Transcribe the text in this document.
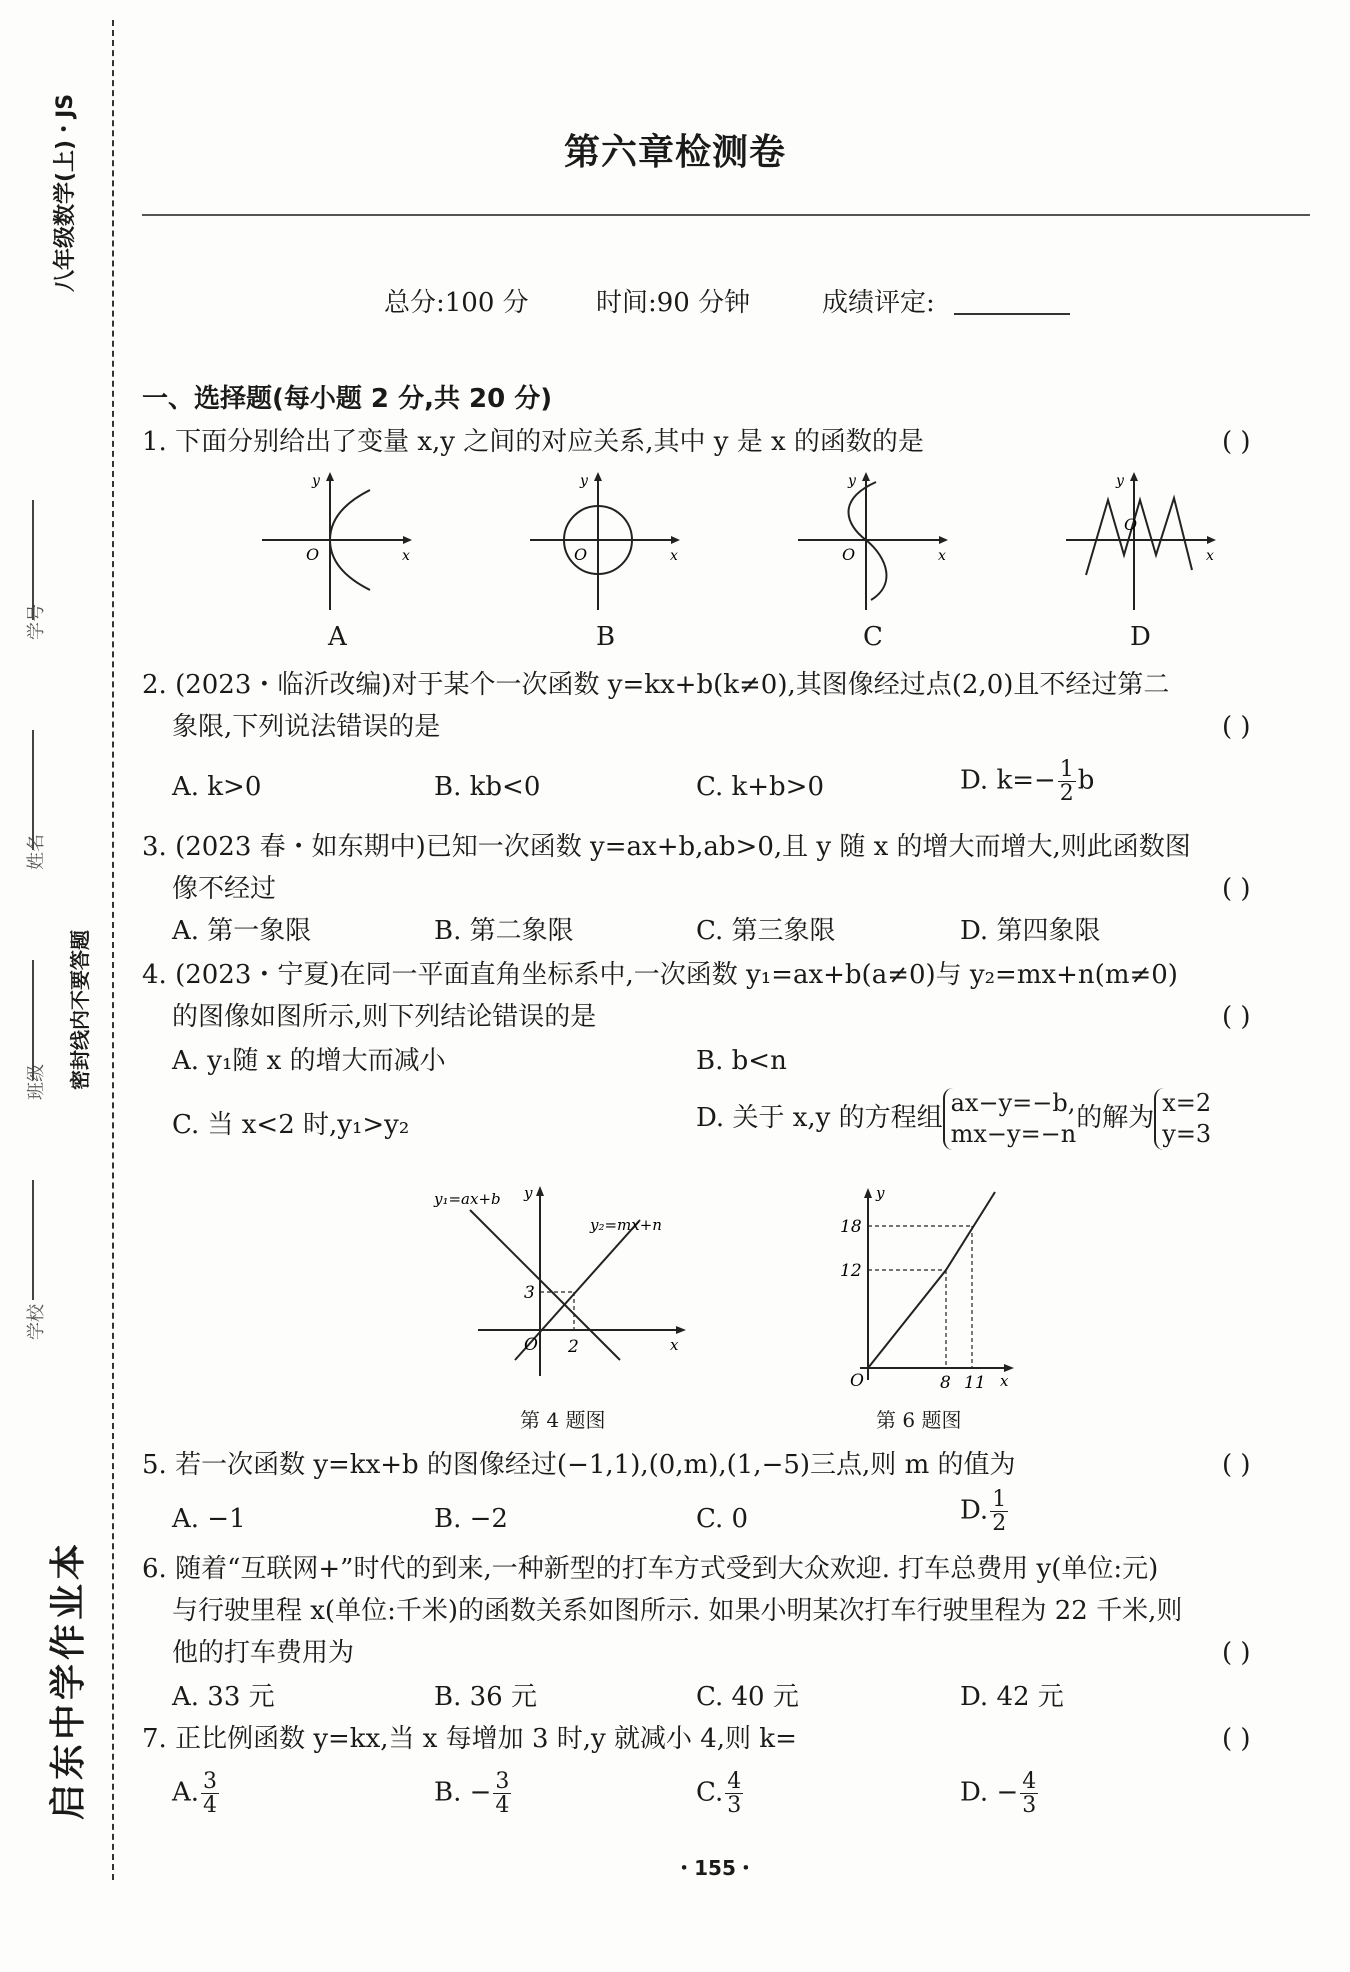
八年级数学(上)・JS
启东中学作业本
密封线内不要答题
学校
班级
姓名
学号
第六章检测卷
总分:100 分	时间:90 分钟	成绩评定:
一、选择题(每小题 2 分,共 20 分)
1. 下面分别给出了变量 x,y 之间的对应关系,其中 y 是 x 的函数的是	( )
y
O	x
A
y
O	x
B
y
O	x
C
y
O
x
D
2. (2023・临沂改编)对于某个一次函数 y=kx+b(k≠0),其图像经过点(2,0)且不经过第二
象限,下列说法错误的是	( )
A. k>0	B. kb<0	C. k+b>0	D. $k=- \frac{1}{2}$ b
3. (2023 春・如东期中)已知一次函数 y=ax+b,ab>0,且 y 随 x 的增大而增大,则此函数图
像不经过	( )
A. 第一象限	B. 第二象限	C. 第三象限	D. 第四象限
4. (2023・宁夏)在同一平面直角坐标系中,一次函数 y₁=ax+b(a≠0)与 y₂=mx+n(m≠0)
的图像如图所示,则下列结论错误的是	( )
A. y₁随 x 的增大而减小	B. b<n
C. 当 x<2 时,y₁>y₂	D. 关于 x,y 的方程组
ax−y=−b,
mx−y=−n
的解为
x=2
y=3
y₁=ax+b
y₂=mx+n
y
x
O
3
2
第 4 题图
y
x
O
18
12
8 11
第 6 题图
5. 若一次函数 y=kx+b 的图像经过(−1,1),(0,m),(1,−5)三点,则 m 的值为	( )
A. −1	B. −2	C. 0	D. $\frac{1}{2}$
6. 随着“互联网+”时代的到来,一种新型的打车方式受到大众欢迎. 打车总费用 y(单位:元)
与行驶里程 x(单位:千米)的函数关系如图所示. 如果小明某次打车行驶里程为 22 千米,则
他的打车费用为	( )
A. 33 元	B. 36 元	C. 40 元	D. 42 元
7. 正比例函数 y=kx,当 x 每增加 3 时,y 就减小 4,则 k=	( )
A. $\frac{3}{4}$	B. − $\frac{3}{4}$	C. $\frac{4}{3}$	D. − $\frac{4}{3}$
・155・
